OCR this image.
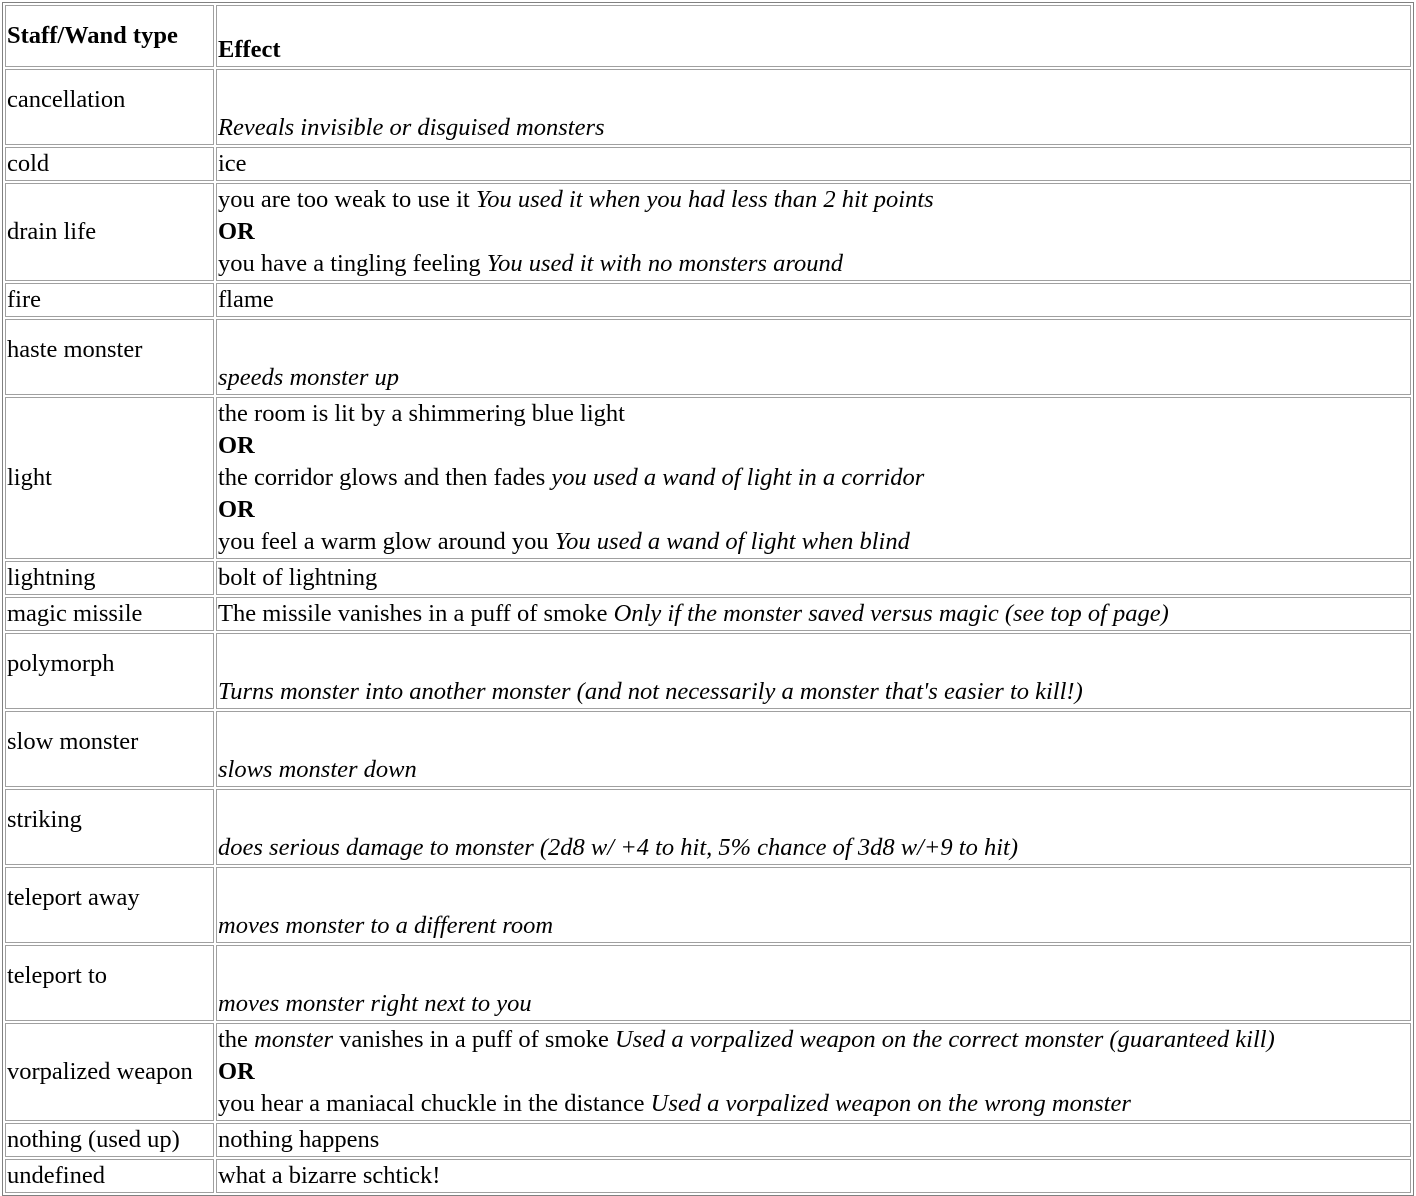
Staff/Wand type	Effect
cancellation	Reveals invisible or disguised monsters
cold	ice
drain life	you are too weak to use it You used it when you had less than 2 hit points
OR
you have a tingling feeling You used it with no monsters around

fire	flame
haste monster	speeds monster up
light	the room is lit by a shimmering blue light
OR
the corridor glows and then fades you used a wand of light in a corridor
OR
you feel a warm glow around you You used a wand of light when blind

lightning	bolt of lightning
magic missile	The missile vanishes in a puff of smoke Only if the monster saved versus magic (see top of page)
polymorph	Turns monster into another monster (and not necessarily a monster that's easier to kill!)
slow monster	slows monster down
striking	does serious damage to monster (2d8 w/ +4 to hit, 5% chance of 3d8 w/+9 to hit)
teleport away	moves monster to a different room
teleport to	moves monster right next to you
vorpalized weapon	the monster vanishes in a puff of smoke Used a vorpalized weapon on the correct monster (guaranteed kill)
OR
you hear a maniacal chuckle in the distance Used a vorpalized weapon on the wrong monster

nothing (used up)	nothing happens
undefined	what a bizarre schtick!
